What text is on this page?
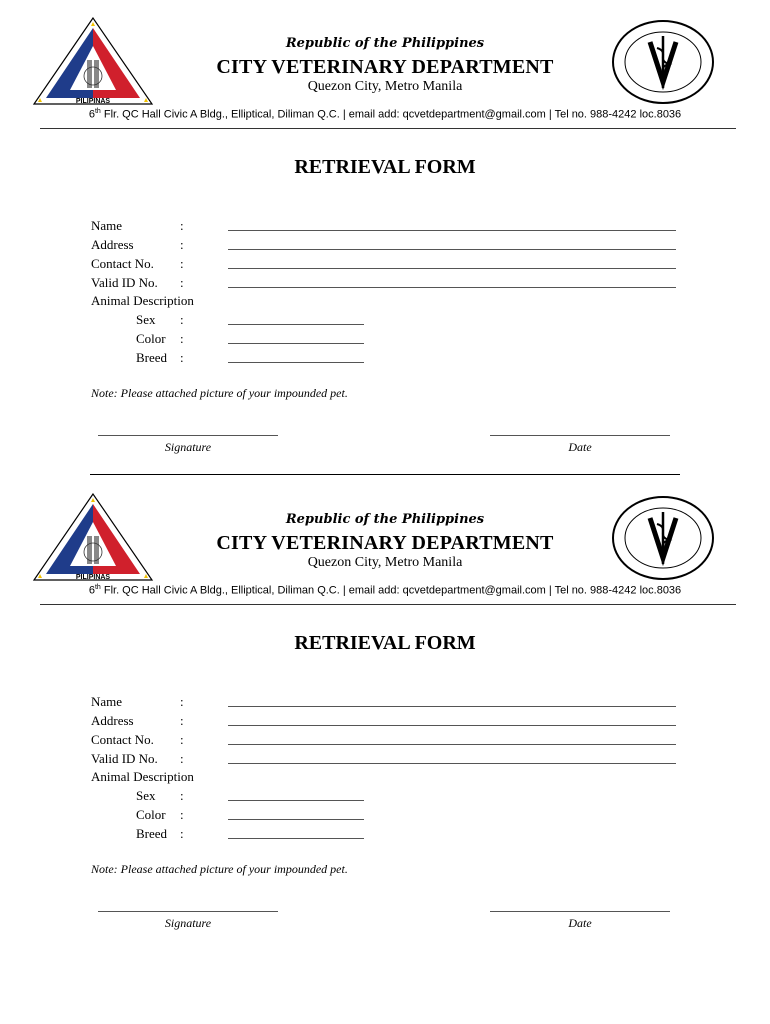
PILIPINAS
Republic of the Philippines
CITY VETERINARY DEPARTMENT
Quezon City, Metro Manila
6th Flr. QC Hall Civic A Bldg., Elliptical, Diliman Q.C. | email add: qcvetdepartment@gmail.com | Tel no. 988-4242 loc.8036
RETRIEVAL FORM
Name	:
Address	:
Contact No. :
Valid ID No. :
Animal Description
Sex :
Color :
Breed :
Note: Please attached picture of your impounded pet.
Signature	Date
PILIPINAS
Republic of the Philippines
CITY VETERINARY DEPARTMENT
Quezon City, Metro Manila
6th Flr. QC Hall Civic A Bldg., Elliptical, Diliman Q.C. | email add: qcvetdepartment@gmail.com | Tel no. 988-4242 loc.8036
RETRIEVAL FORM
Name	:
Address	:
Contact No. :
Valid ID No. :
Animal Description
Sex :
Color :
Breed :
Note: Please attached picture of your impounded pet.
Signature	Date
